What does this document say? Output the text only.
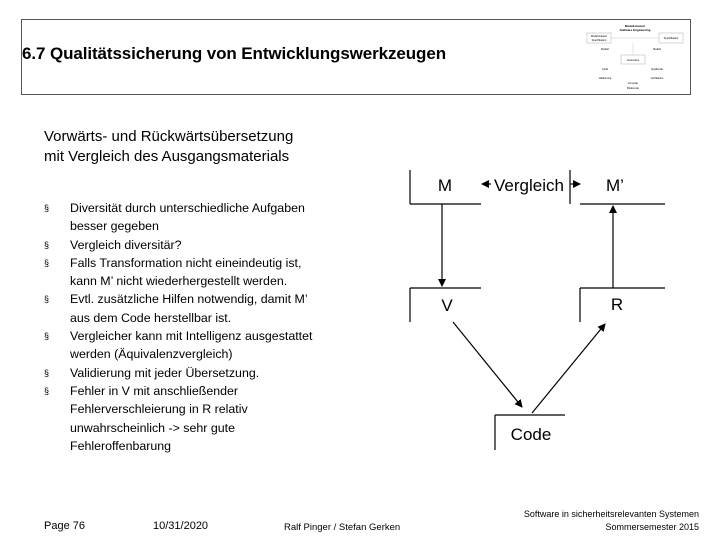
6.7 Qualitätssicherung von Entwicklungswerkzeugen
Modell-basiert
Software Engineering
Modell-basiert
Spezifikation
Spezifikation
Modell
Autocodes
Modell
Code	Quellcode
Validierung	Verifikation
Compiler
Binärcode
Vorwärts- und Rückwärtsübersetzung
mit Vergleich des Ausgangsmaterials
§ Diversität durch unterschiedliche Aufgaben
besser gegeben
§ Vergleich diversitär?
§ Falls Transformation nicht eineindeutig ist,
kann M’ nicht wiederhergestellt werden.
§ Evtl. zusätzliche Hilfen notwendig, damit M’
aus dem Code herstellbar ist.
§ Vergleicher kann mit Intelligenz ausgestattet
werden (Äquivalenzvergleich)
§ Validierung mit jeder Übersetzung.
§ Fehler in V mit anschließender
Fehlerverschleierung in R relativ
unwahrscheinlich -> sehr gute
Fehleroffenbarung
M Vergleich M’
V	R
Code
Page 76	10/31/2020	Ralf Pinger / Stefan Gerken
Software in sicherheitsrelevanten Systemen
Sommersemester 2015
